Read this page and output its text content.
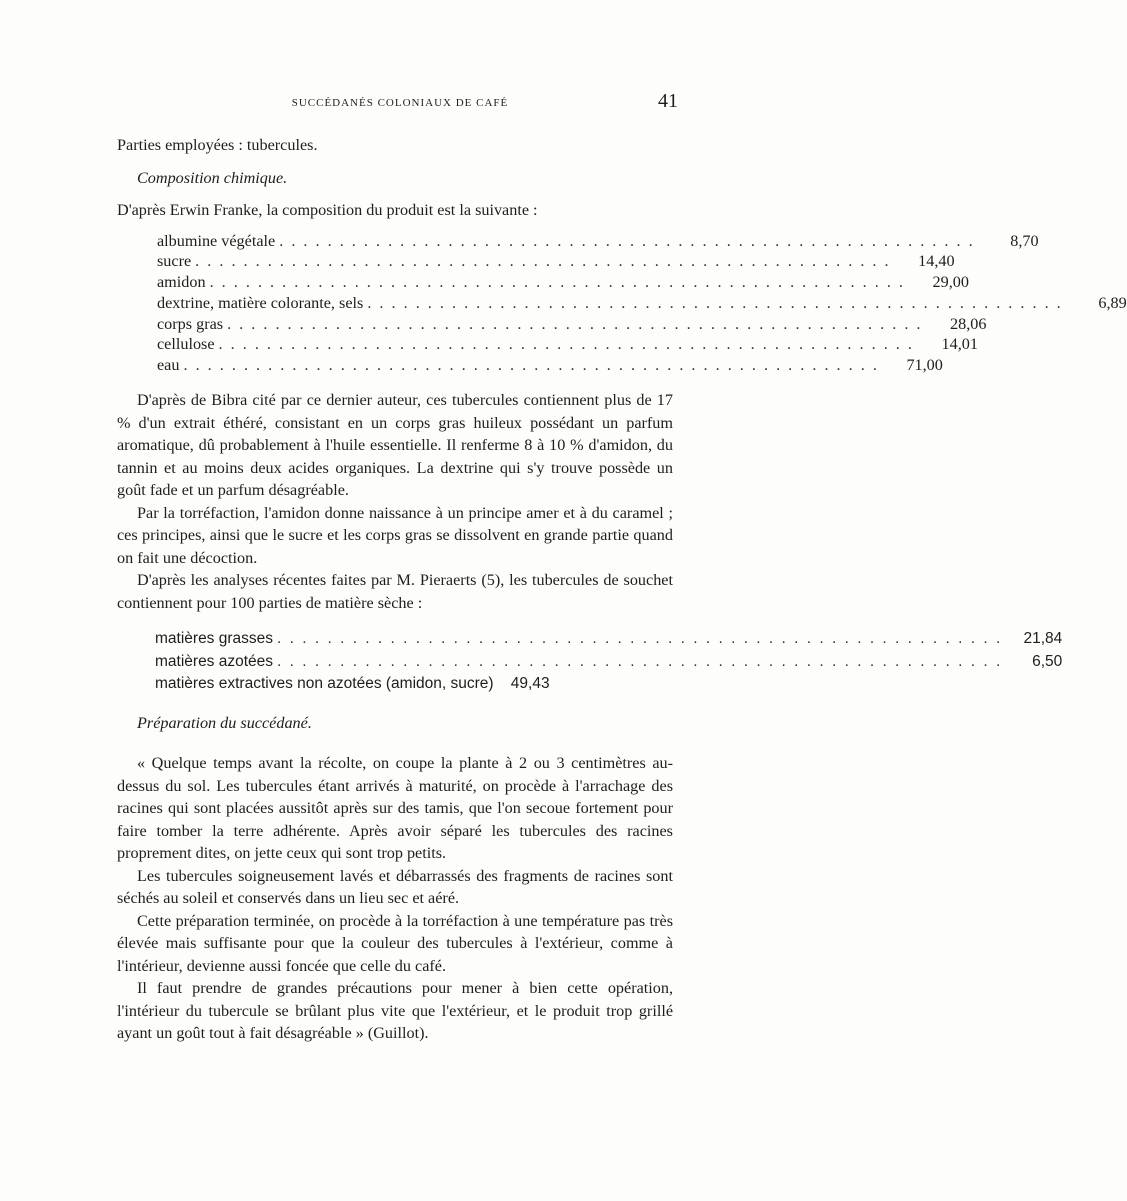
SUCCÉDANÉS COLONIAUX DE CAFÉ	41

Parties employées : tubercules.

Composition chimique.

D'après Erwin Franke, la composition du produit est la suivante :

albumine végétale . . .	8,70
sucre . . .	14,40
amidon . . .	29,00
dextrine, matière colorante, sels . . .	6,89
corps gras . . .	28,06
cellulose . . .	14,01
eau . . .	71,00

D'après de Bibra cité par ce dernier auteur, ces tubercules contiennent plus de 17 % d'un extrait éthéré, consistant en un corps gras huileux possédant un parfum aromatique, dû probablement à l'huile essentielle. Il renferme 8 à 10 % d'amidon, du tannin et au moins deux acides organiques. La dextrine qui s'y trouve possède un goût fade et un parfum désagréable.

Par la torréfaction, l'amidon donne naissance à un principe amer et à du caramel ; ces principes, ainsi que le sucre et les corps gras se dissolvent en grande partie quand on fait une décoction.

D'après les analyses récentes faites par M. Pieraerts (5), les tubercules de souchet contiennent pour 100 parties de matière sèche :

matières grasses . . .	21,84
matières azotées . . .	6,50
matières extractives non azotées (amidon, sucre)	49,43

Préparation du succédané.

« Quelque temps avant la récolte, on coupe la plante à 2 ou 3 centimètres au-dessus du sol. Les tubercules étant arrivés à maturité, on procède à l'arrachage des racines qui sont placées aussitôt après sur des tamis, que l'on secoue fortement pour faire tomber la terre adhérente. Après avoir séparé les tubercules des racines proprement dites, on jette ceux qui sont trop petits.

Les tubercules soigneusement lavés et débarrassés des fragments de racines sont séchés au soleil et conservés dans un lieu sec et aéré.

Cette préparation terminée, on procède à la torréfaction à une température pas très élevée mais suffisante pour que la couleur des tubercules à l'extérieur, comme à l'intérieur, devienne aussi foncée que celle du café.

Il faut prendre de grandes précautions pour mener à bien cette opération, l'intérieur du tubercule se brûlant plus vite que l'extérieur, et le produit trop grillé ayant un goût tout à fait désagréable » (Guillot).
